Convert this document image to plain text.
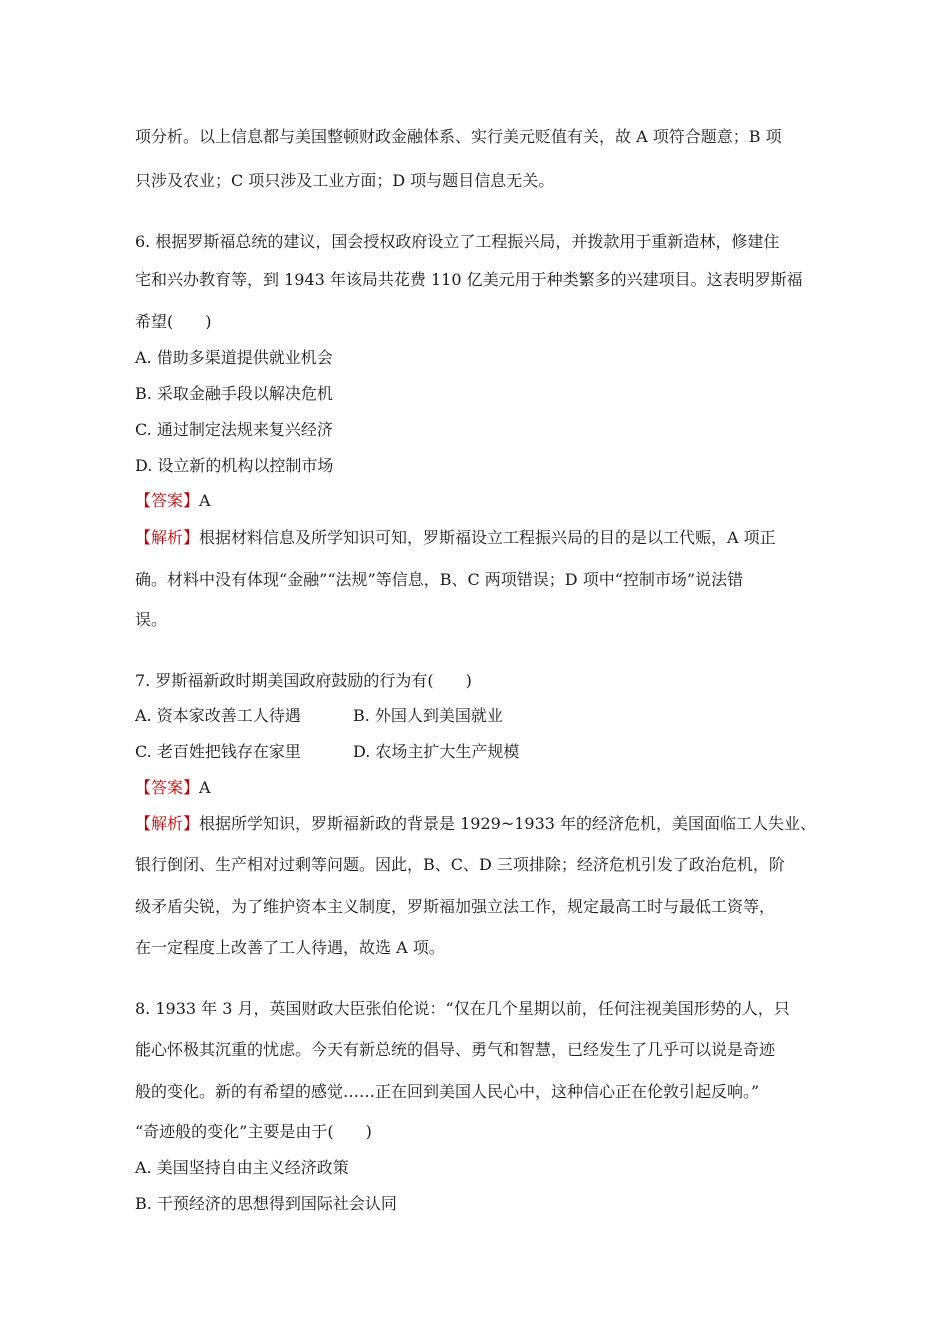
项分析。以上信息都与美国整顿财政金融体系、实行美元贬值有关，故 A 项符合题意；B 项
只涉及农业；C 项只涉及工业方面；D 项与题目信息无关。
6. 根据罗斯福总统的建议，国会授权政府设立了工程振兴局，并拨款用于重新造林，修建住
宅和兴办教育等，到 1943 年该局共花费 110 亿美元用于种类繁多的兴建项目。这表明罗斯福
希望(　　)
A. 借助多渠道提供就业机会
B. 采取金融手段以解决危机
C. 通过制定法规来复兴经济
D. 设立新的机构以控制市场
【答案】A
【解析】根据材料信息及所学知识可知，罗斯福设立工程振兴局的目的是以工代赈，A 项正
确。材料中没有体现“金融”“法规”等信息，B、C 两项错误；D 项中“控制市场”说法错
误。
7. 罗斯福新政时期美国政府鼓励的行为有(　　)
A. 资本家改善工人待遇	B. 外国人到美国就业
C. 老百姓把钱存在家里	D. 农场主扩大生产规模
【答案】A
【解析】根据所学知识，罗斯福新政的背景是 1929~1933 年的经济危机，美国面临工人失业、
银行倒闭、生产相对过剩等问题。因此，B、C、D 三项排除；经济危机引发了政治危机，阶
级矛盾尖锐，为了维护资本主义制度，罗斯福加强立法工作，规定最高工时与最低工资等，
在一定程度上改善了工人待遇，故选 A 项。
8. 1933 年 3 月，英国财政大臣张伯伦说：“仅在几个星期以前，任何注视美国形势的人，只
能心怀极其沉重的忧虑。今天有新总统的倡导、勇气和智慧，已经发生了几乎可以说是奇迹
般的变化。新的有希望的感觉……正在回到美国人民心中，这种信心正在伦敦引起反响。”
“奇迹般的变化”主要是由于(　　)
A. 美国坚持自由主义经济政策
B. 干预经济的思想得到国际社会认同
